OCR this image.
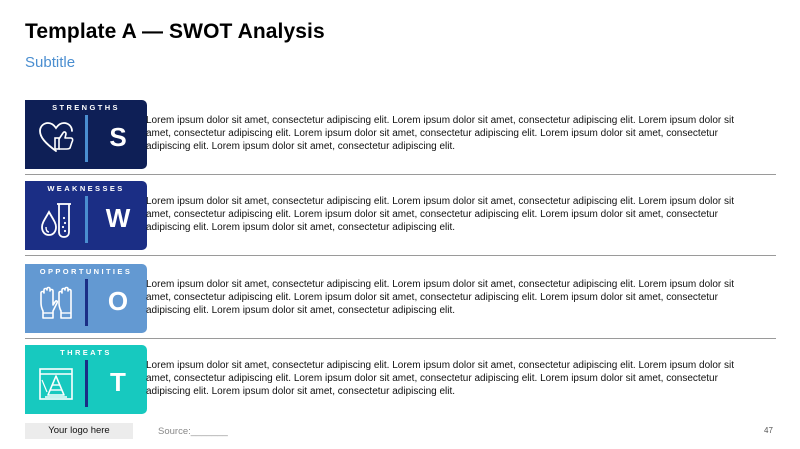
Template A — SWOT Analysis
Subtitle
STRENGTHS
S
Lorem ipsum dolor sit amet, consectetur adipiscing elit. Lorem ipsum dolor sit amet, consectetur adipiscing elit. Lorem ipsum dolor sit amet, consectetur adipiscing elit. Lorem ipsum dolor sit amet, consectetur adipiscing elit. Lorem ipsum dolor sit amet, consectetur adipiscing elit. Lorem ipsum dolor sit amet, consectetur adipiscing elit.
WEAKNESSES
W
Lorem ipsum dolor sit amet, consectetur adipiscing elit. Lorem ipsum dolor sit amet, consectetur adipiscing elit. Lorem ipsum dolor sit amet, consectetur adipiscing elit. Lorem ipsum dolor sit amet, consectetur adipiscing elit. Lorem ipsum dolor sit amet, consectetur adipiscing elit. Lorem ipsum dolor sit amet, consectetur adipiscing elit.
OPPORTUNITIES
O
Lorem ipsum dolor sit amet, consectetur adipiscing elit. Lorem ipsum dolor sit amet, consectetur adipiscing elit. Lorem ipsum dolor sit amet, consectetur adipiscing elit. Lorem ipsum dolor sit amet, consectetur adipiscing elit. Lorem ipsum dolor sit amet, consectetur adipiscing elit. Lorem ipsum dolor sit amet, consectetur adipiscing elit.
THREATS
T
Lorem ipsum dolor sit amet, consectetur adipiscing elit. Lorem ipsum dolor sit amet, consectetur adipiscing elit. Lorem ipsum dolor sit amet, consectetur adipiscing elit. Lorem ipsum dolor sit amet, consectetur adipiscing elit. Lorem ipsum dolor sit amet, consectetur adipiscing elit. Lorem ipsum dolor sit amet, consectetur adipiscing elit.
Your logo here	Source:_______	47
